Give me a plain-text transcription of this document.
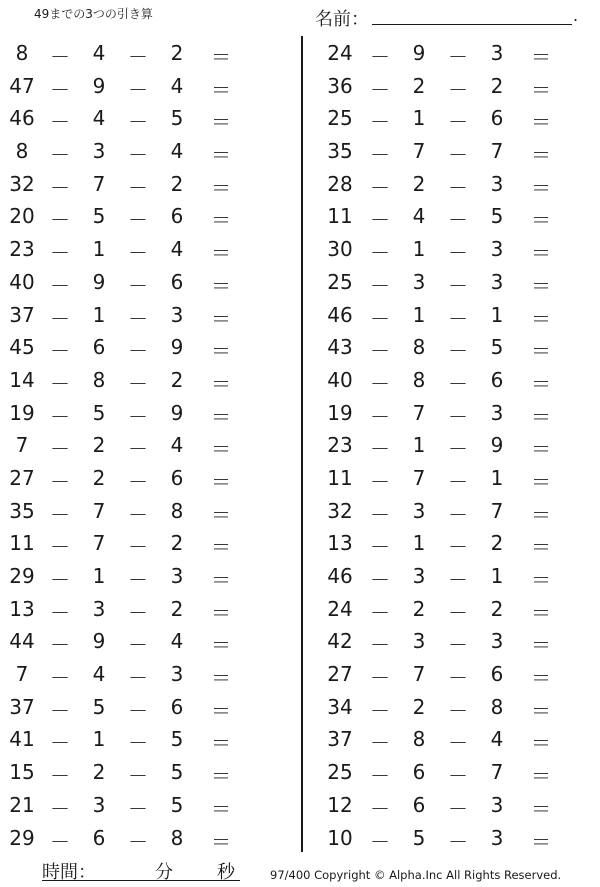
49までの3つの引き算	名前：	.
8	－	4	－	2	＝
47 －	9	－	4	＝
46 －	4	－	5	＝
8	－	3	－	4	＝
32 －	7	－	2	＝
20 －	5	－	6	＝
23 －	1	－	4	＝
40 －	9	－	6	＝
37 －	1	－	3	＝
45 －	6	－	9	＝
14 －	8	－	2	＝
19 －	5	－	9	＝
7	－	2	－	4	＝
27 －	2	－	6	＝
35 －	7	－	8	＝
11 －	7	－	2	＝
29 －	1	－	3	＝
13 －	3	－	2	＝
44 －	9	－	4	＝
7	－	4	－	3	＝
37 －	5	－	6	＝
41 －	1	－	5	＝
15 －	2	－	5	＝
21 －	3	－	5	＝
29 －	6	－	8	＝
24 －	9	－	3	＝
36 －	2	－	2	＝
25 －	1	－	6	＝
35 －	7	－	7	＝
28 －	2	－	3	＝
11 －	4	－	5	＝
30 －	1	－	3	＝
25 －	3	－	3	＝
46 －	1	－	1	＝
43 －	8	－	5	＝
40 －	8	－	6	＝
19 －	7	－	3	＝
23 －	1	－	9	＝
11 －	7	－	1	＝
32 －	3	－	7	＝
13 －	1	－	2	＝
46 －	3	－	1	＝
24 －	2	－	2	＝
42 －	3	－	3	＝
27 －	7	－	6	＝
34 －	2	－	8	＝
37 －	8	－	4	＝
25 －	6	－	7	＝
12 －	6	－	3	＝
10 －	5	－	3	＝
時間：	分 秒	97/400 Copyright © Alpha.Inc All Rights Reserved.
